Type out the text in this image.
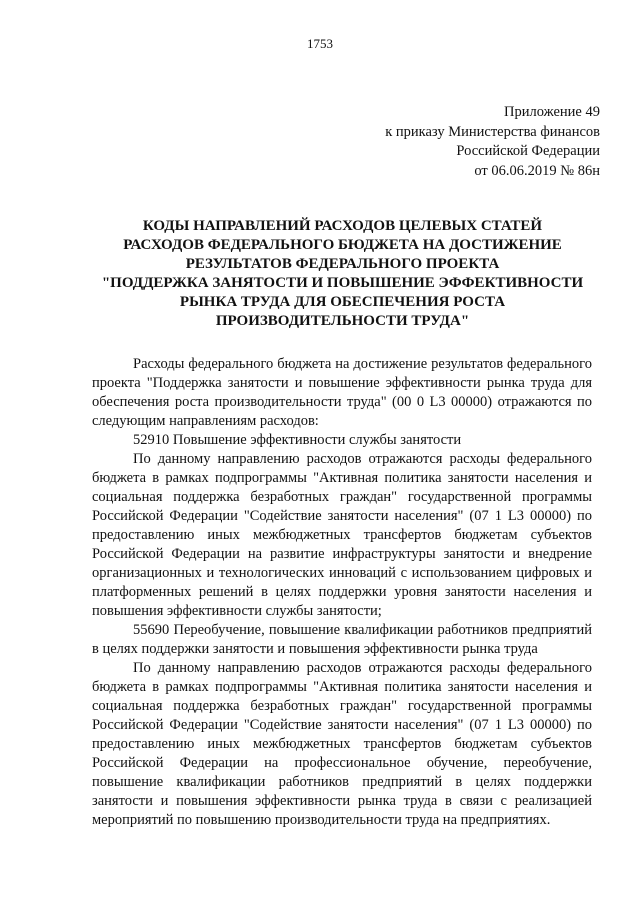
1753
Приложение 49
к приказу Министерства финансов
Российской Федерации
от 06.06.2019 № 86н
КОДЫ НАПРАВЛЕНИЙ РАСХОДОВ ЦЕЛЕВЫХ СТАТЕЙ
РАСХОДОВ ФЕДЕРАЛЬНОГО БЮДЖЕТА НА ДОСТИЖЕНИЕ
РЕЗУЛЬТАТОВ ФЕДЕРАЛЬНОГО ПРОЕКТА
"ПОДДЕРЖКА ЗАНЯТОСТИ И ПОВЫШЕНИЕ ЭФФЕКТИВНОСТИ
РЫНКА ТРУДА ДЛЯ ОБЕСПЕЧЕНИЯ РОСТА
ПРОИЗВОДИТЕЛЬНОСТИ ТРУДА"

Расходы федерального бюджета на достижение результатов федерального проекта "Поддержка занятости и повышение эффективности рынка труда для обеспечения роста производительности труда" (00 0 L3 00000) отражаются по следующим направлениям расходов:

52910 Повышение эффективности службы занятости

По данному направлению расходов отражаются расходы федерального бюджета в рамках подпрограммы "Активная политика занятости населения и социальная поддержка безработных граждан" государственной программы Российской Федерации "Содействие занятости населения" (07 1 L3 00000) по предоставлению иных межбюджетных трансфертов бюджетам субъектов Российской Федерации на развитие инфраструктуры занятости и внедрение организационных и технологических инноваций с использованием цифровых и платформенных решений в целях поддержки уровня занятости населения и повышения эффективности службы занятости;

55690 Переобучение, повышение квалификации работников предприятий в целях поддержки занятости и повышения эффективности рынка труда

По данному направлению расходов отражаются расходы федерального бюджета в рамках подпрограммы "Активная политика занятости населения и социальная поддержка безработных граждан" государственной программы Российской Федерации "Содействие занятости населения" (07 1 L3 00000) по предоставлению иных межбюджетных трансфертов бюджетам субъектов Российской Федерации на профессиональное обучение, переобучение, повышение квалификации работников предприятий в целях поддержки занятости и повышения эффективности рынка труда в связи с реализацией мероприятий по повышению производительности труда на предприятиях.
